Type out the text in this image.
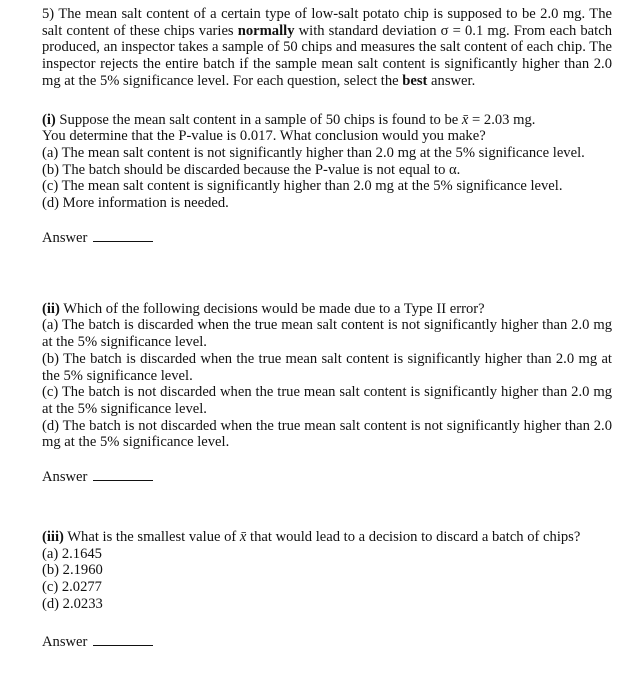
5) The mean salt content of a certain type of low-salt potato chip is supposed to be 2.0 mg. The salt content of these chips varies normally with standard deviation σ = 0.1 mg. From each batch produced, an inspector takes a sample of 50 chips and measures the salt content of each chip. The inspector rejects the entire batch if the sample mean salt content is significantly higher than 2.0 mg at the 5% significance level. For each question, select the best answer.

(i) Suppose the mean salt content in a sample of 50 chips is found to be x̄ = 2.03 mg.

You determine that the P-value is 0.017. What conclusion would you make?

(a) The mean salt content is not significantly higher than 2.0 mg at the 5% significance level.

(b) The batch should be discarded because the P-value is not equal to α.

(c) The mean salt content is significantly higher than 2.0 mg at the 5% significance level.

(d) More information is needed.

Answer

(ii) Which of the following decisions would be made due to a Type II error?

(a) The batch is discarded when the true mean salt content is not significantly higher than 2.0 mg at the 5% significance level.

(b) The batch is discarded when the true mean salt content is significantly higher than 2.0 mg at the 5% significance level.

(c) The batch is not discarded when the true mean salt content is significantly higher than 2.0 mg at the 5% significance level.

(d) The batch is not discarded when the true mean salt content is not significantly higher than 2.0 mg at the 5% significance level.

Answer

(iii) What is the smallest value of x̄ that would lead to a decision to discard a batch of chips?

(a) 2.1645

(b) 2.1960

(c) 2.0277

(d) 2.0233

Answer
